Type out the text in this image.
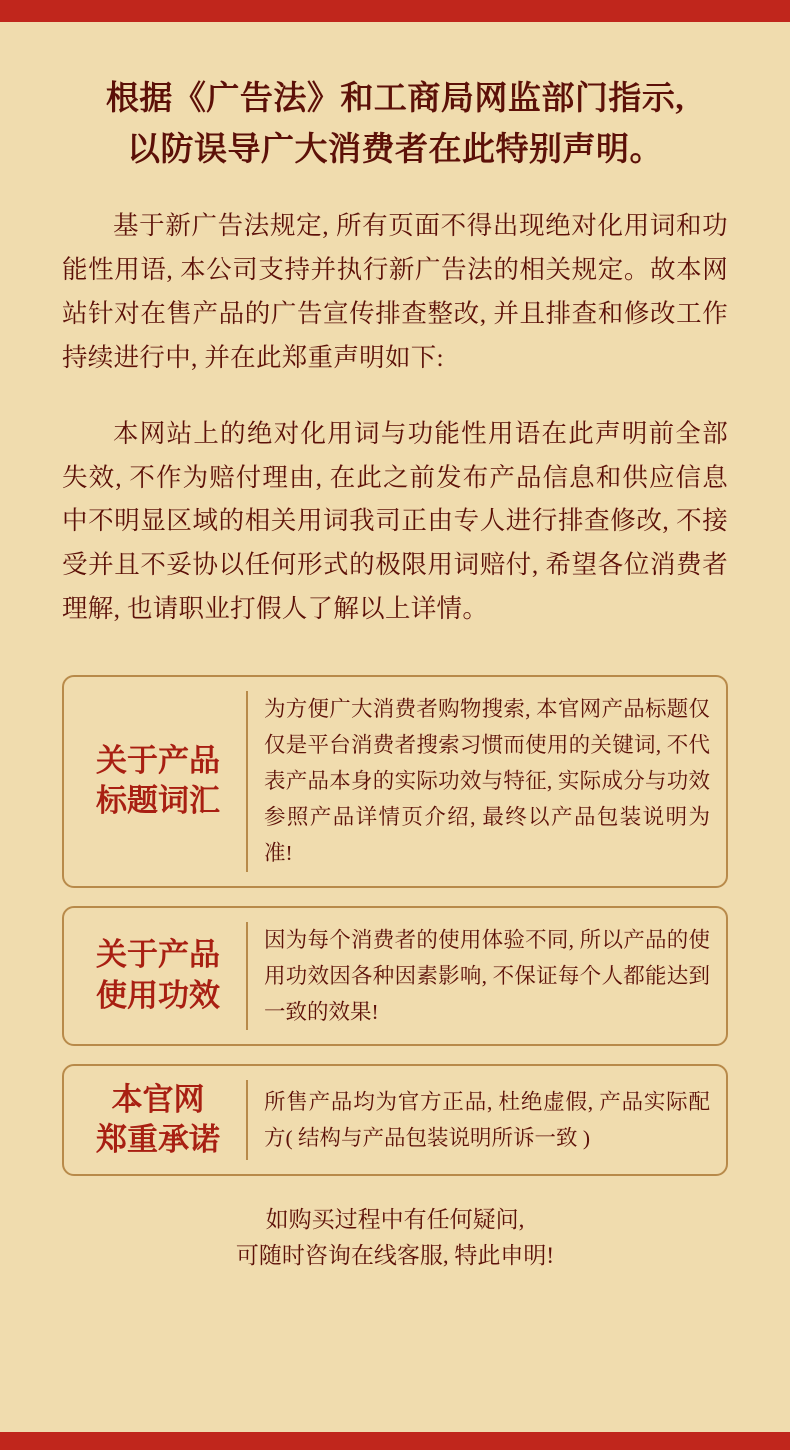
根据《广告法》和工商局网监部门指示,
以防误导广大消费者在此特别声明。
基于新广告法规定, 所有页面不得出现绝对化用词和功能性用语, 本公司支持并执行新广告法的相关规定。故本网站针对在售产品的广告宣传排查整改, 并且排查和修改工作持续进行中, 并在此郑重声明如下:
本网站上的绝对化用词与功能性用语在此声明前全部失效, 不作为赔付理由, 在此之前发布产品信息和供应信息中不明显区域的相关用词我司正由专人进行排查修改, 不接受并且不妥协以任何形式的极限用词赔付, 希望各位消费者理解, 也请职业打假人了解以上详情。
关于产品
标题词汇
为方便广大消费者购物搜索, 本官网产品标题仅仅是平台消费者搜索习惯而使用的关键词, 不代表产品本身的实际功效与特征, 实际成分与功效参照产品详情页介绍, 最终以产品包装说明为准!
关于产品
使用功效
因为每个消费者的使用体验不同, 所以产品的使用功效因各种因素影响, 不保证每个人都能达到一致的效果!
本官网
郑重承诺
所售产品均为官方正品, 杜绝虚假, 产品实际配方( 结构与产品包装说明所诉一致 )
如购买过程中有任何疑问,
可随时咨询在线客服, 特此申明!
